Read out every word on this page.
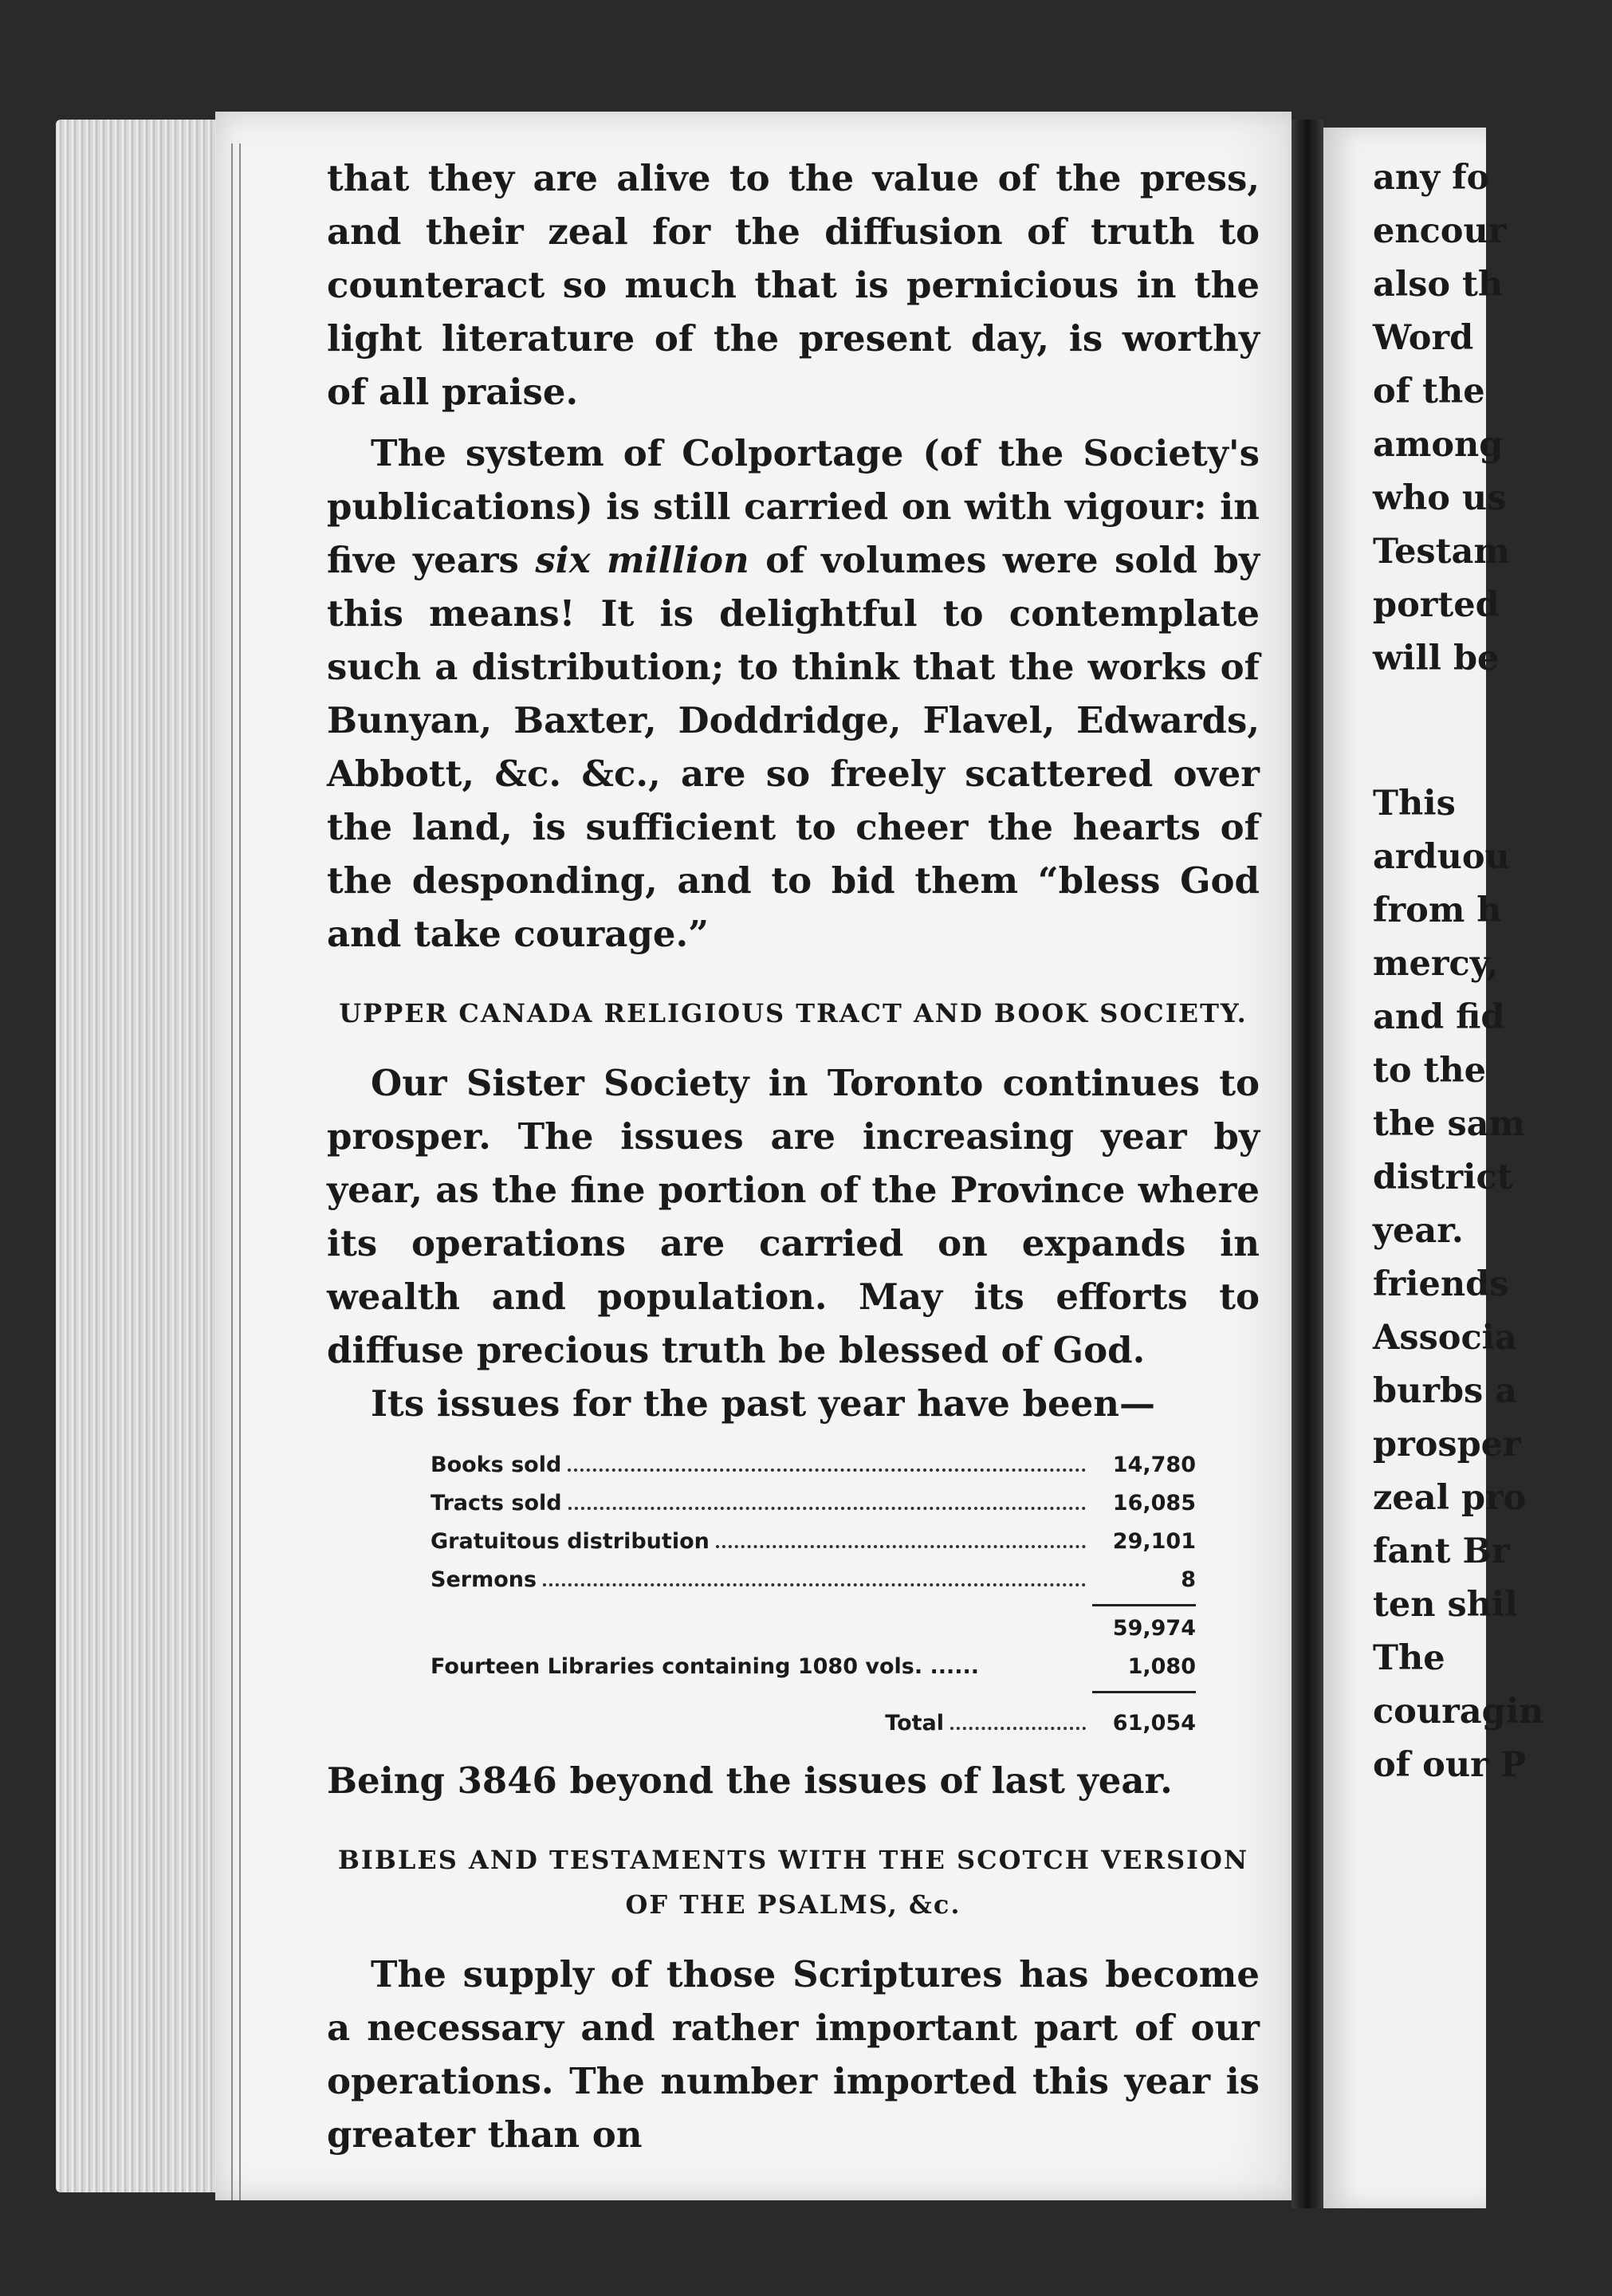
any fo
encour
also th
Word
of the
among
who us
Testam
ported
will be
This
arduou
from h
mercy,
and fid
to the
the sam
district
year.
friends
Associa
burbs a
prosper
zeal pro
fant Br
ten shil
The
couragin
of our P

that they are alive to the value of the press, and their zeal for the diffusion of truth to counteract so much that is pernicious in the light literature of the present day, is worthy of all praise.

The system of Colportage (of the Society's publications) is still carried on with vigour: in five years six million of volumes were sold by this means! It is delightful to contemplate such a distribution; to think that the works of Bunyan, Baxter, Doddridge, Flavel, Edwards, Abbott, &c. &c., are so freely scattered over the land, is sufficient to cheer the hearts of the desponding, and to bid them “bless God and take courage.”

UPPER CANADA RELIGIOUS TRACT AND BOOK SOCIETY.

Our Sister Society in Toronto continues to prosper. The issues are increasing year by year, as the fine portion of the Province where its operations are carried on expands in wealth and population. May its efforts to diffuse precious truth be blessed of God.

Its issues for the past year have been—

Books sold	14,780
Tracts sold	16,085
Gratuitous distribution	29,101
Sermons	8
59,974
Fourteen Libraries containing 1080 vols. ......	1,080
Total	61,054

Being 3846 beyond the issues of last year.

BIBLES AND TESTAMENTS WITH THE SCOTCH VERSION OF THE PSALMS, &c.

The supply of those Scriptures has become a necessary and rather important part of our operations. The number imported this year is greater than on
